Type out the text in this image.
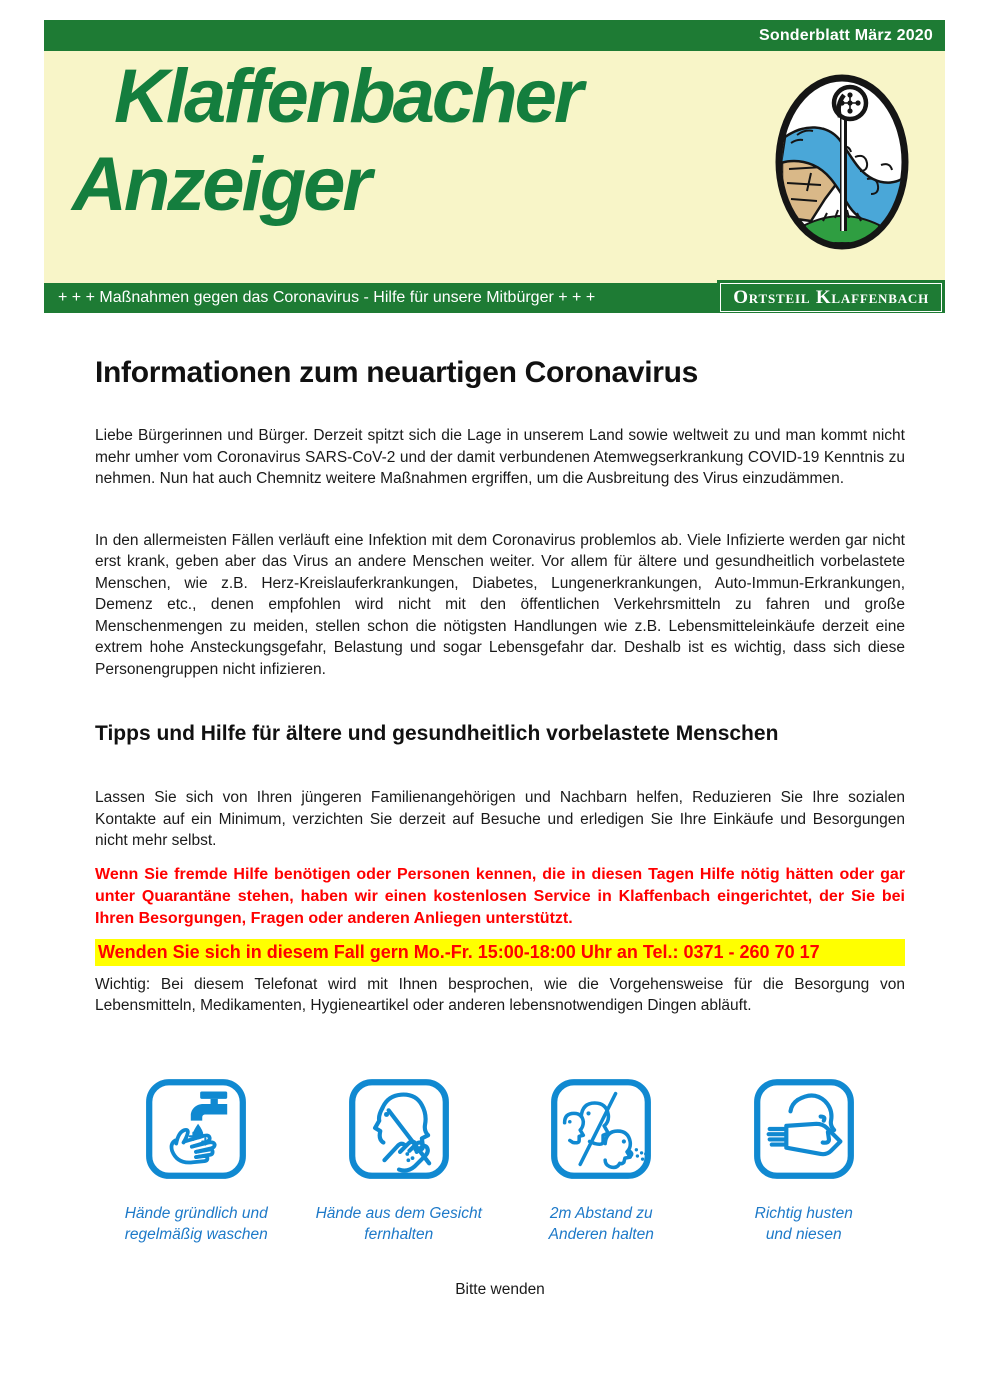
Sonderblatt März 2020
Klaffenbacher
Anzeiger
+ + + Maßnahmen gegen das Coronavirus - Hilfe für unsere Mitbürger + + +	Ortsteil Klaffenbach
Informationen zum neuartigen Coronavirus

Liebe Bürgerinnen und Bürger. Derzeit spitzt sich die Lage in unserem Land sowie weltweit zu und man kommt nicht mehr umher vom Coronavirus SARS-CoV-2 und der damit verbundenen Atemwegserkrankung COVID-19 Kenntnis zu nehmen. Nun hat auch Chemnitz weitere Maßnahmen ergriffen, um die Ausbreitung des Virus einzudämmen.

In den allermeisten Fällen verläuft eine Infektion mit dem Coronavirus problemlos ab. Viele Infizierte werden gar nicht erst krank, geben aber das Virus an andere Menschen weiter. Vor allem für ältere und gesundheitlich vorbelastete Menschen, wie z.B. Herz-Kreislauferkrankungen, Diabetes, Lungenerkrankungen, Auto-Immun-Erkrankungen, Demenz etc., denen empfohlen wird nicht mit den öffentlichen Verkehrsmitteln zu fahren und große Menschenmengen zu meiden, stellen schon die nötigsten Handlungen wie z.B. Lebensmitteleinkäufe derzeit eine extrem hohe Ansteckungsgefahr, Belastung und sogar Lebensgefahr dar. Deshalb ist es wichtig, dass sich diese Personengruppen nicht infizieren.

Tipps und Hilfe für ältere und gesundheitlich vorbelastete Menschen

Lassen Sie sich von Ihren jüngeren Familienangehörigen und Nachbarn helfen, Reduzieren Sie Ihre sozialen Kontakte auf ein Minimum, verzichten Sie derzeit auf Besuche und erledigen Sie Ihre Einkäufe und Besorgungen nicht mehr selbst.

Wenn Sie fremde Hilfe benötigen oder Personen kennen, die in diesen Tagen Hilfe nötig hätten oder gar unter Quarantäne stehen, haben wir einen kostenlosen Service in Klaffenbach eingerichtet, der Sie bei Ihren Besorgungen, Fragen oder anderen Anliegen unterstützt.

Wenden Sie sich in diesem Fall gern Mo.-Fr. 15:00-18:00 Uhr an Tel.: 0371 - 260 70 17

Wichtig: Bei diesem Telefonat wird mit Ihnen besprochen, wie die Vorgehensweise für die Besorgung von Lebensmitteln, Medikamenten, Hygieneartikel oder anderen lebensnotwendigen Dingen abläuft.

Hände gründlich und
regelmäßig waschen
Hände aus dem Gesicht
fernhalten
2m Abstand zu
Anderen halten
Richtig husten
und niesen
Bitte wenden
